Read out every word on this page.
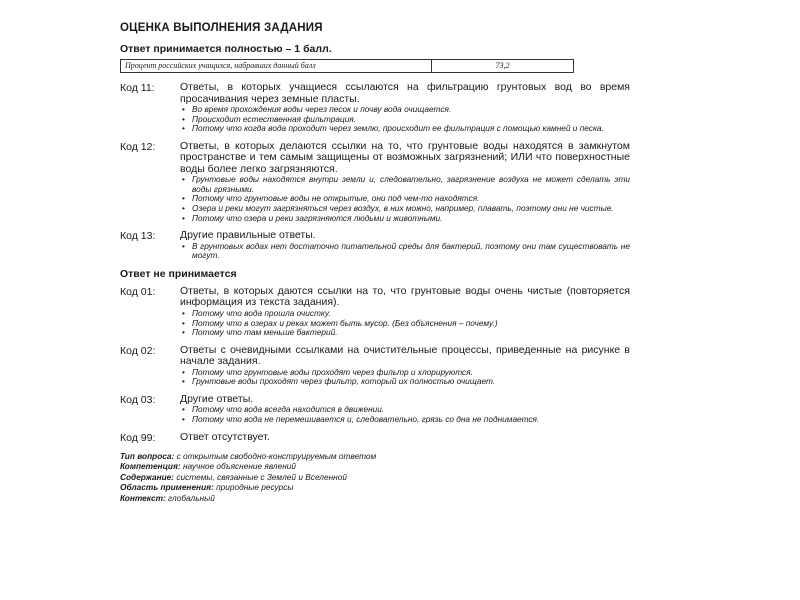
ОЦЕНКА ВЫПОЛНЕНИЯ ЗАДАНИЯ
Ответ принимается полностью – 1 балл.
Процент российских учащихся, набравших данный балл	73,2
Код 11:	Ответы, в которых учащиеся ссылаются на фильтрацию грунтовых вод во время просачивания через земные пласты.
• Во время прохождения воды через песок и почву вода очищается.
• Происходит естественная фильтрация.
• Потому что когда вода проходит через землю, происходит ее фильтрация с помощью камней и песка.
Код 12:	Ответы, в которых делаются ссылки на то, что грунтовые воды находятся в замкнутом пространстве и тем самым защищены от возможных загрязнений; ИЛИ что поверхностные воды более легко загрязняются.
• Грунтовые воды находятся внутри земли и, следовательно, загрязнение воздуха не может сделать эти воды грязными.
• Потому что грунтовые воды не открытые, они под чем-то находятся.
• Озера и реки могут загрязняться через воздух, в них можно, например, плавать, поэтому они не чистые.
• Потому что озера и реки загрязняются людьми и животными.
Код 13:	Другие правильные ответы.
• В грунтовых водах нет достаточно питательной среды для бактерий, поэтому они там существовать не могут.
Ответ не принимается
Код 01:	Ответы, в которых даются ссылки на то, что грунтовые воды очень чистые (повторяется информация из текста задания).
• Потому что вода прошла очистку.
• Потому что в озерах и реках может быть мусор. (Без объяснения – почему.)
• Потому что там меньше бактерий.
Код 02:	Ответы с очевидными ссылками на очистительные процессы, приведенные на рисунке в начале задания.
• Потому что грунтовые воды проходят через фильтр и хлорируются.
• Грунтовые воды проходят через фильтр, который их полностью очищает.
Код 03:	Другие ответы.
• Потому что вода всегда находится в движении.
• Потому что вода не перемешивается и, следовательно, грязь со дна не поднимается.
Код 99:	Ответ отсутствует.
Тип вопроса: с открытым свободно-конструируемым ответом
Компетенция: научное объяснение явлений
Содержание: системы, связанные с Землей и Вселенной
Область применения: природные ресурсы
Контекст: глобальный
